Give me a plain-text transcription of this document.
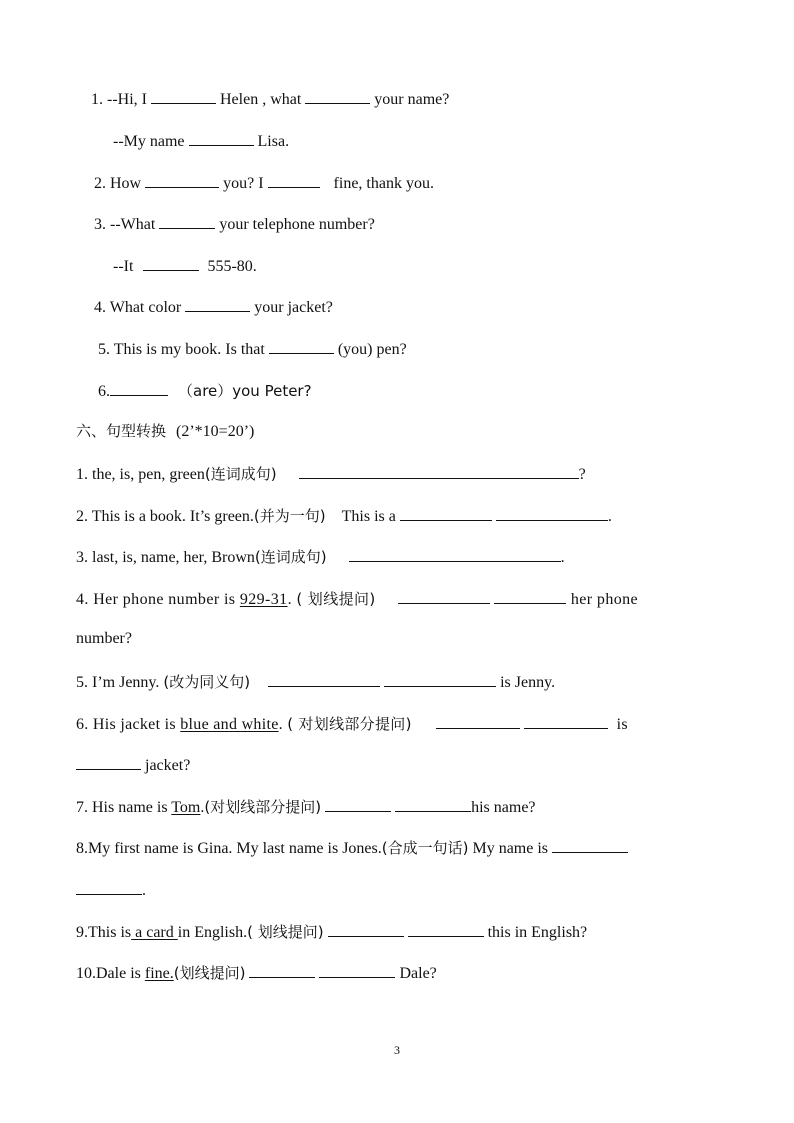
1. --Hi, I	Helen , what	your name?
--My name	Lisa.
2. How	you? I	fine, thank you.
3. --What	your telephone number?
--It	555-80.
4. What color	your jacket?
5. This is my book. Is that	(you) pen?
6.	（are）you Peter?
六、句型转换 (2’*10=20’)
1. the, is, pen, green(连词成句)	?
2. This is a book. It’s green.(并为一句) This is a	.
3. last, is, name, her, Brown(连词成句)	.
4. Her phone number is 929-31. ( 划线提问)	her phone
number?
5. I’m Jenny. (改为同义句)	is Jenny.
6. His jacket is blue and white. ( 对划线部分提问)	is
jacket?
7. His name is Tom.(对划线部分提问)	his name?
8.My first name is Gina. My last name is Jones.(合成一句话) My name is
.
9.This is a card in English.( 划线提问)	this in English?
10.Dale is fine.(划线提问)	Dale?
3
